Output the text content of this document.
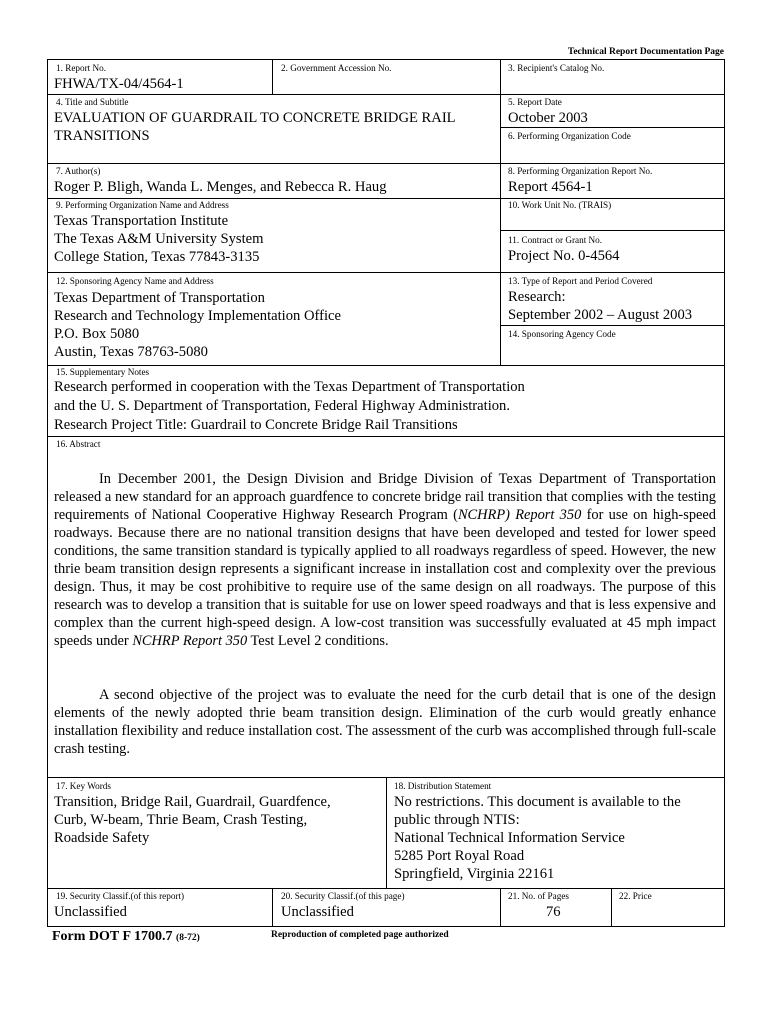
Technical Report Documentation Page
1. Report No.
FHWA/TX-04/4564-1
2. Government Accession No.	3. Recipient's Catalog No.
4. Title and Subtitle
EVALUATION OF GUARDRAIL TO CONCRETE BRIDGE RAIL
TRANSITIONS
5. Report Date
October 2003
6. Performing Organization Code
7. Author(s)
Roger P. Bligh, Wanda L. Menges, and Rebecca R. Haug
8. Performing Organization Report No.
Report 4564-1
9. Performing Organization Name and Address
Texas Transportation Institute
The Texas A&M University System
College Station, Texas 77843-3135
10. Work Unit No. (TRAIS)
11. Contract or Grant No.
Project No. 0-4564
12. Sponsoring Agency Name and Address
Texas Department of Transportation
Research and Technology Implementation Office
P.O. Box 5080
Austin, Texas 78763-5080
13. Type of Report and Period Covered
Research:
September 2002 – August 2003
14. Sponsoring Agency Code
15. Supplementary Notes
Research performed in cooperation with the Texas Department of Transportation
and the U. S. Department of Transportation, Federal Highway Administration.
Research Project Title: Guardrail to Concrete Bridge Rail Transitions
16. Abstract
In December 2001, the Design Division and Bridge Division of Texas Department of Transportation released a new standard for an approach guardfence to concrete bridge rail transition that complies with the testing requirements of National Cooperative Highway Research Program (NCHRP) Report 350 for use on high-speed roadways. Because there are no national transition designs that have been developed and tested for lower speed conditions, the same transition standard is typically applied to all roadways regardless of speed. However, the new thrie beam transition design represents a significant increase in installation cost and complexity over the previous design. Thus, it may be cost prohibitive to require use of the same design on all roadways. The purpose of this research was to develop a transition that is suitable for use on lower speed roadways and that is less expensive and complex than the current high-speed design. A low-cost transition was successfully evaluated at 45 mph impact speeds under NCHRP Report 350 Test Level 2 conditions.
A second objective of the project was to evaluate the need for the curb detail that is one of the design elements of the newly adopted thrie beam transition design. Elimination of the curb would greatly enhance installation flexibility and reduce installation cost. The assessment of the curb was accomplished through full-scale crash testing.
17. Key Words
Transition, Bridge Rail, Guardrail, Guardfence,
Curb, W-beam, Thrie Beam, Crash Testing,
Roadside Safety
18. Distribution Statement
No restrictions. This document is available to the
public through NTIS:
National Technical Information Service
5285 Port Royal Road
Springfield, Virginia 22161
19. Security Classif.(of this report)
Unclassified
20. Security Classif.(of this page)
Unclassified
21. No. of Pages
76
22. Price
Form DOT F 1700.7 (8-72)	Reproduction of completed page authorized
